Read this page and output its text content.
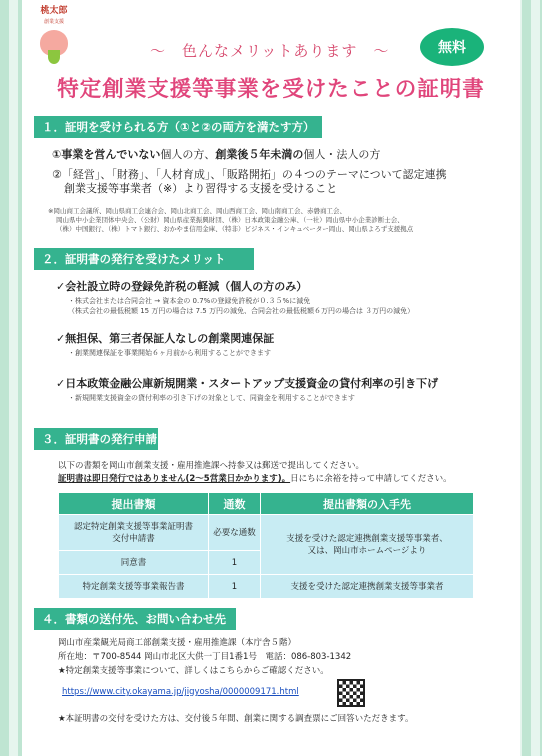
桃太郎
創業支援
～　色んなメリットあります　～	無料
特定創業支援等事業を受けたことの証明書
１．証明を受けられる方（①と②の両方を満たす方）
①事業を営んでいない個人の方、創業後５年未満の個人・法人の方
②「経営」、「財務」、「人材育成」、「販路開拓」の４つのテーマについて認定連携
創業支援等事業者（※）より習得する支援を受けること
※岡山商工会議所、岡山県商工会連合会、岡山北商工会、岡山西商工会、岡山南商工会、赤磐商工会、
岡山県中小企業団体中央会、（公財）岡山県産業振興財団、（株）日本政策金融公庫、（一社）岡山県中小企業診断士会、
（株）中国銀行、（株）トマト銀行、おかやま信用金庫、（特非）ビジネス・インキュベーター岡山、岡山県よろず支援拠点
２．証明書の発行を受けたメリット
✓会社設立時の登録免許税の軽減（個人の方のみ）
・株式会社または合同会社 → 資本金の 0.7%の登録免許税が０.３５%に減免
（株式会社の最低税額 15 万円の場合は 7.5 万円の減免、合同会社の最低税額６万円の場合は ３万円の減免）
✓無担保、第三者保証人なしの創業関連保証
・創業関連保証を事業開始６ヶ月前から利用することができます
✓日本政策金融公庫新規開業・スタートアップ支援資金の貸付利率の引き下げ
・新規開業支援資金の貸付利率の引き下げの対象として、同資金を利用することができます
３．証明書の発行申請
以下の書類を岡山市創業支援・雇用推進課へ持参又は郵送で提出してください。
証明書は即日発行ではありません(2～5営業日かかります)。日にちに余裕を持って申請してください。
提出書類	通数	提出書類の入手先
認定特定創業支援等事業証明書
交付申請書	必要な通数	支援を受けた認定連携創業支援等事業者、
又は、岡山市ホームページより
同意書	1	
特定創業支援等事業報告書	1	支援を受けた認定連携創業支援等事業者
４．書類の送付先、お問い合わせ先
岡山市産業観光局商工部創業支援・雇用推進課（本庁舎５階）
所在地：〒700-8544 岡山市北区大供一丁目1番1号　電話：086-803-1342
★特定創業支援等事業について、詳しくはこちらからご確認ください。
https://www.city.okayama.jp/jigyosha/0000009171.html
★本証明書の交付を受けた方は、交付後５年間、創業に関する調査票にご回答いただきます。
